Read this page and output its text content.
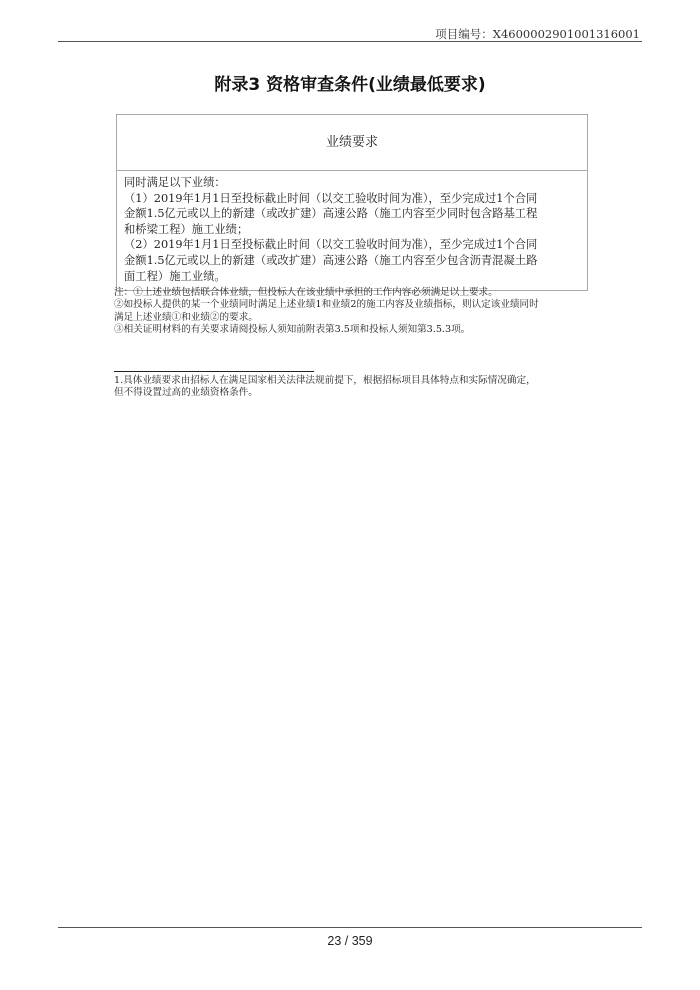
项目编号：X4600002901001316001
附录3 资格审查条件(业绩最低要求)
业绩要求
同时满足以下业绩：
（1）2019年1月1日至投标截止时间（以交工验收时间为准），至少完成过1个合同
金额1.5亿元或以上的新建（或改扩建）高速公路（施工内容至少同时包含路基工程
和桥梁工程）施工业绩；
（2）2019年1月1日至投标截止时间（以交工验收时间为准），至少完成过1个合同
金额1.5亿元或以上的新建（或改扩建）高速公路（施工内容至少包含沥青混凝土路
面工程）施工业绩。
注：①上述业绩包括联合体业绩，但投标人在该业绩中承担的工作内容必须满足以上要求。
②如投标人提供的某一个业绩同时满足上述业绩1和业绩2的施工内容及业绩指标，则认定该业绩同时
满足上述业绩①和业绩②的要求。
③相关证明材料的有关要求请阅投标人须知前附表第3.5项和投标人须知第3.5.3项。
1.具体业绩要求由招标人在满足国家相关法律法规前提下，根据招标项目具体特点和实际情况确定，
但不得设置过高的业绩资格条件。
23 / 359
